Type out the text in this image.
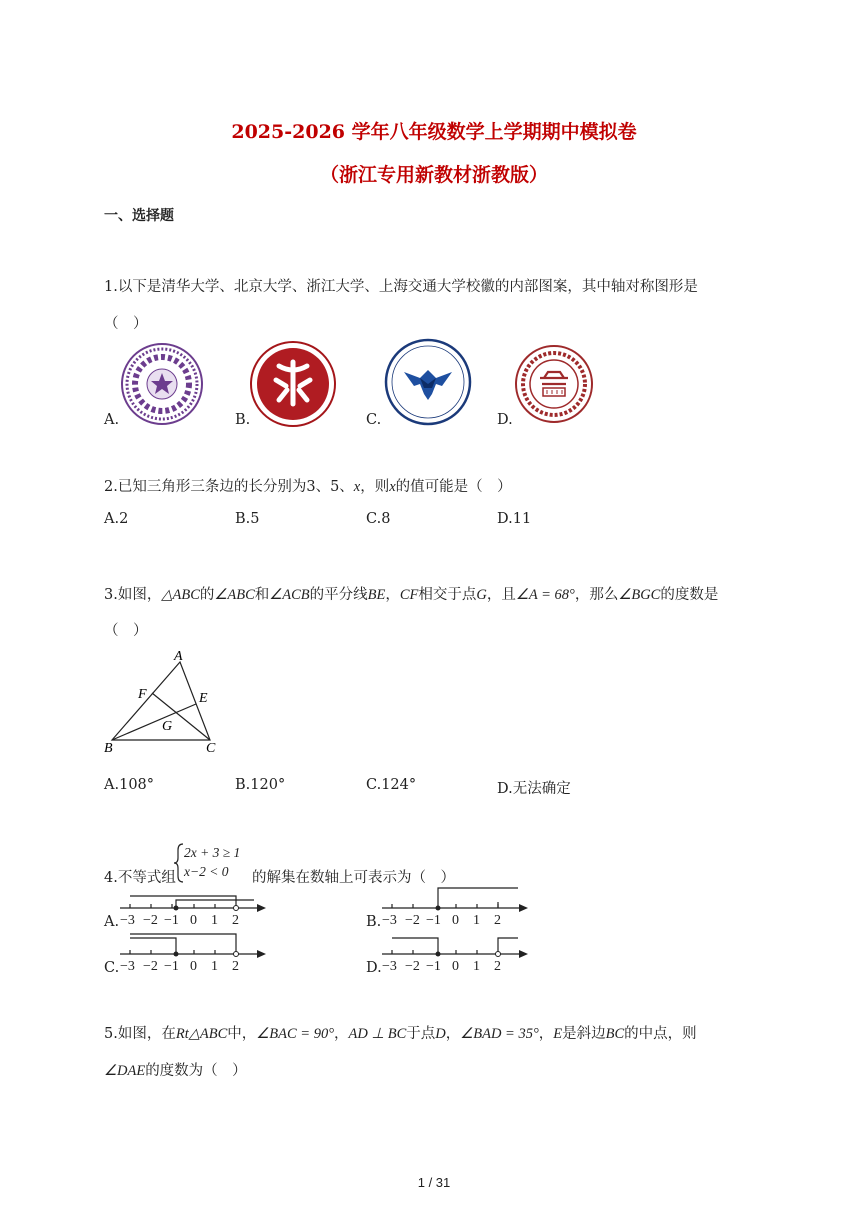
2025-2026 学年八年级数学上学期期中模拟卷
（浙江专用新教材浙教版）
一、选择题
1.以下是清华大学、北京大学、浙江大学、上海交通大学校徽的内部图案，其中轴对称图形是
（　）
A.	B.	C.	D.
2.已知三角形三条边的长分别为3、5、x，则x的值可能是（　）
A.2	B.5	C.8	D.11
3.如图，△ABC的∠ABC和∠ACB的平分线BE，CF相交于点G，且∠A = 68°，那么∠BGC的度数是
（　）
A
B	C
E
F
G
A.108°	B.120°	C.124°	D.无法确定
4.不等式组
2x + 3 ≥ 1
x−2 < 0 的解集在数轴上可表示为（　）
A. −3 −2 −1 0 1 2	B. −3 −2 −1 0 1 2
C. −3 −2 −1 0 1 2	D. −3 −2 −1 0 1 2
5.如图，在Rt△ABC中，∠BAC = 90°，AD ⊥ BC于点D，∠BAD = 35°，E是斜边BC的中点，则
∠DAE的度数为（　）
1 / 31
